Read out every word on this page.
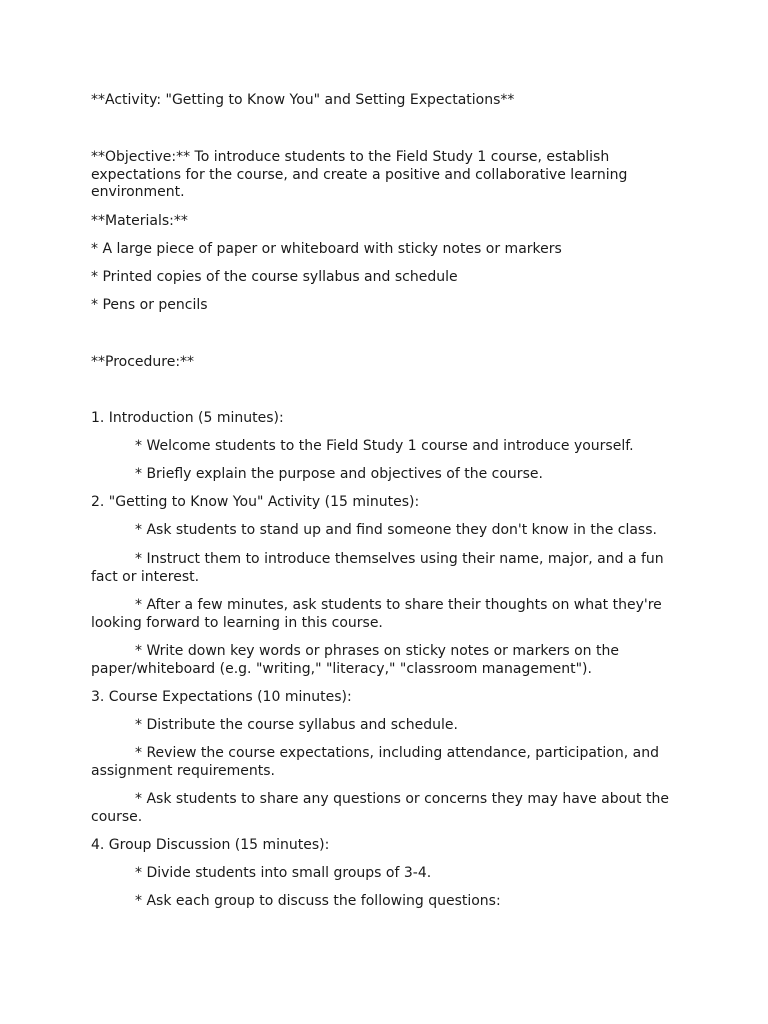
**Activity: "Getting to Know You" and Setting Expectations**

**Objective:** To introduce students to the Field Study 1 course, establish expectations for the course, and create a positive and collaborative learning environment.

**Materials:**

* A large piece of paper or whiteboard with sticky notes or markers

* Printed copies of the course syllabus and schedule

* Pens or pencils

**Procedure:**

1. Introduction (5 minutes):

* Welcome students to the Field Study 1 course and introduce yourself.

* Briefly explain the purpose and objectives of the course.

2. "Getting to Know You" Activity (15 minutes):

* Ask students to stand up and find someone they don't know in the class.

* Instruct them to introduce themselves using their name, major, and a fun fact or interest.

* After a few minutes, ask students to share their thoughts on what they're looking forward to learning in this course.

* Write down key words or phrases on sticky notes or markers on the paper/whiteboard (e.g. "writing," "literacy," "classroom management").

3. Course Expectations (10 minutes):

* Distribute the course syllabus and schedule.

* Review the course expectations, including attendance, participation, and assignment requirements.

* Ask students to share any questions or concerns they may have about the course.

4. Group Discussion (15 minutes):

* Divide students into small groups of 3-4.

* Ask each group to discuss the following questions:
